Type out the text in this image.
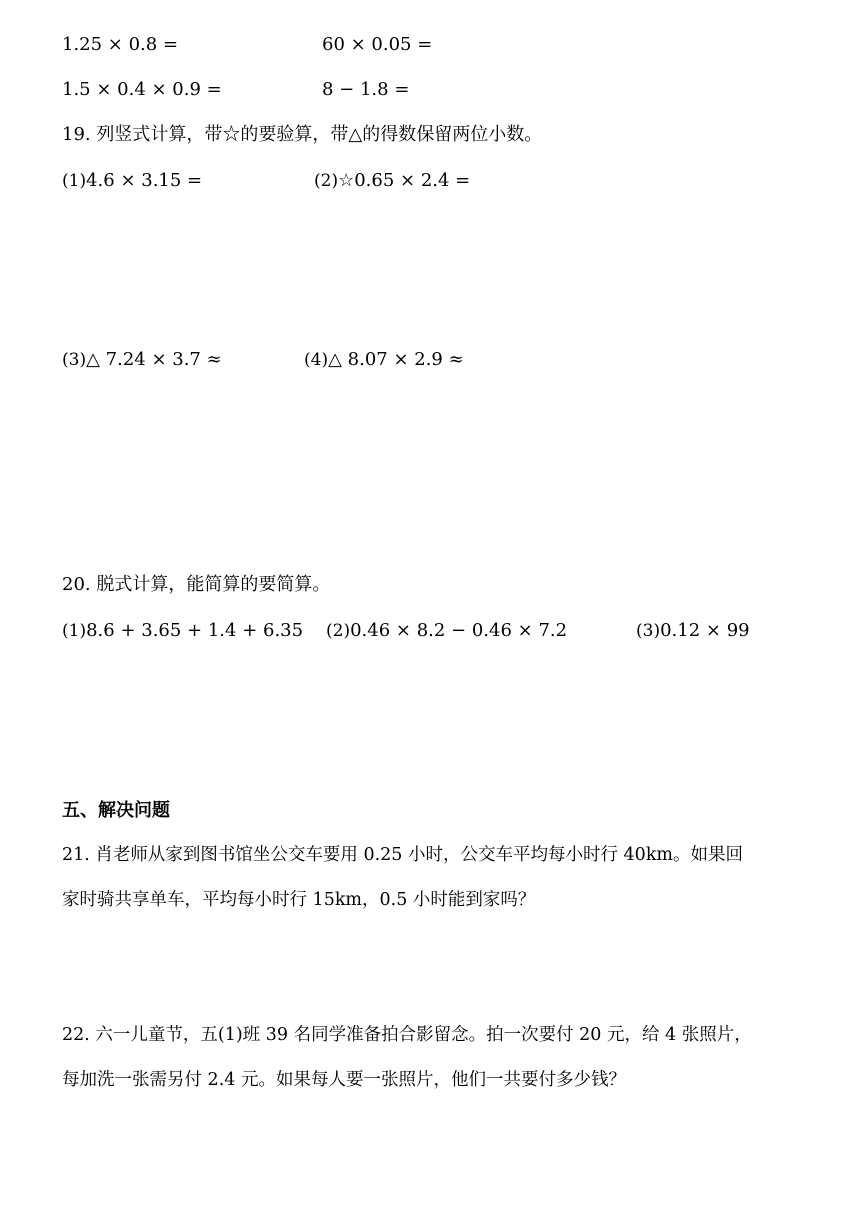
1.25 × 0.8 =	60 × 0.05 =
1.5 × 0.4 × 0.9 =	8 − 1.8 =
19. 列竖式计算，带☆的要验算，带△的得数保留两位小数。
(1)4.6 × 3.15 =	(2)☆0.65 × 2.4 =
(3)△ 7.24 × 3.7 ≈	(4)△ 8.07 × 2.9 ≈
20. 脱式计算，能简算的要简算。
(1)8.6 + 3.65 + 1.4 + 6.35 (2)0.46 × 8.2 − 0.46 × 7.2	(3)0.12 × 99
五、解决问题
21. 肖老师从家到图书馆坐公交车要用 0.25 小时，公交车平均每小时行 40km。如果回
家时骑共享单车，平均每小时行 15km，0.5 小时能到家吗？
22. 六一儿童节，五(1)班 39 名同学准备拍合影留念。拍一次要付 20 元，给 4 张照片，
每加洗一张需另付 2.4 元。如果每人要一张照片，他们一共要付多少钱？
